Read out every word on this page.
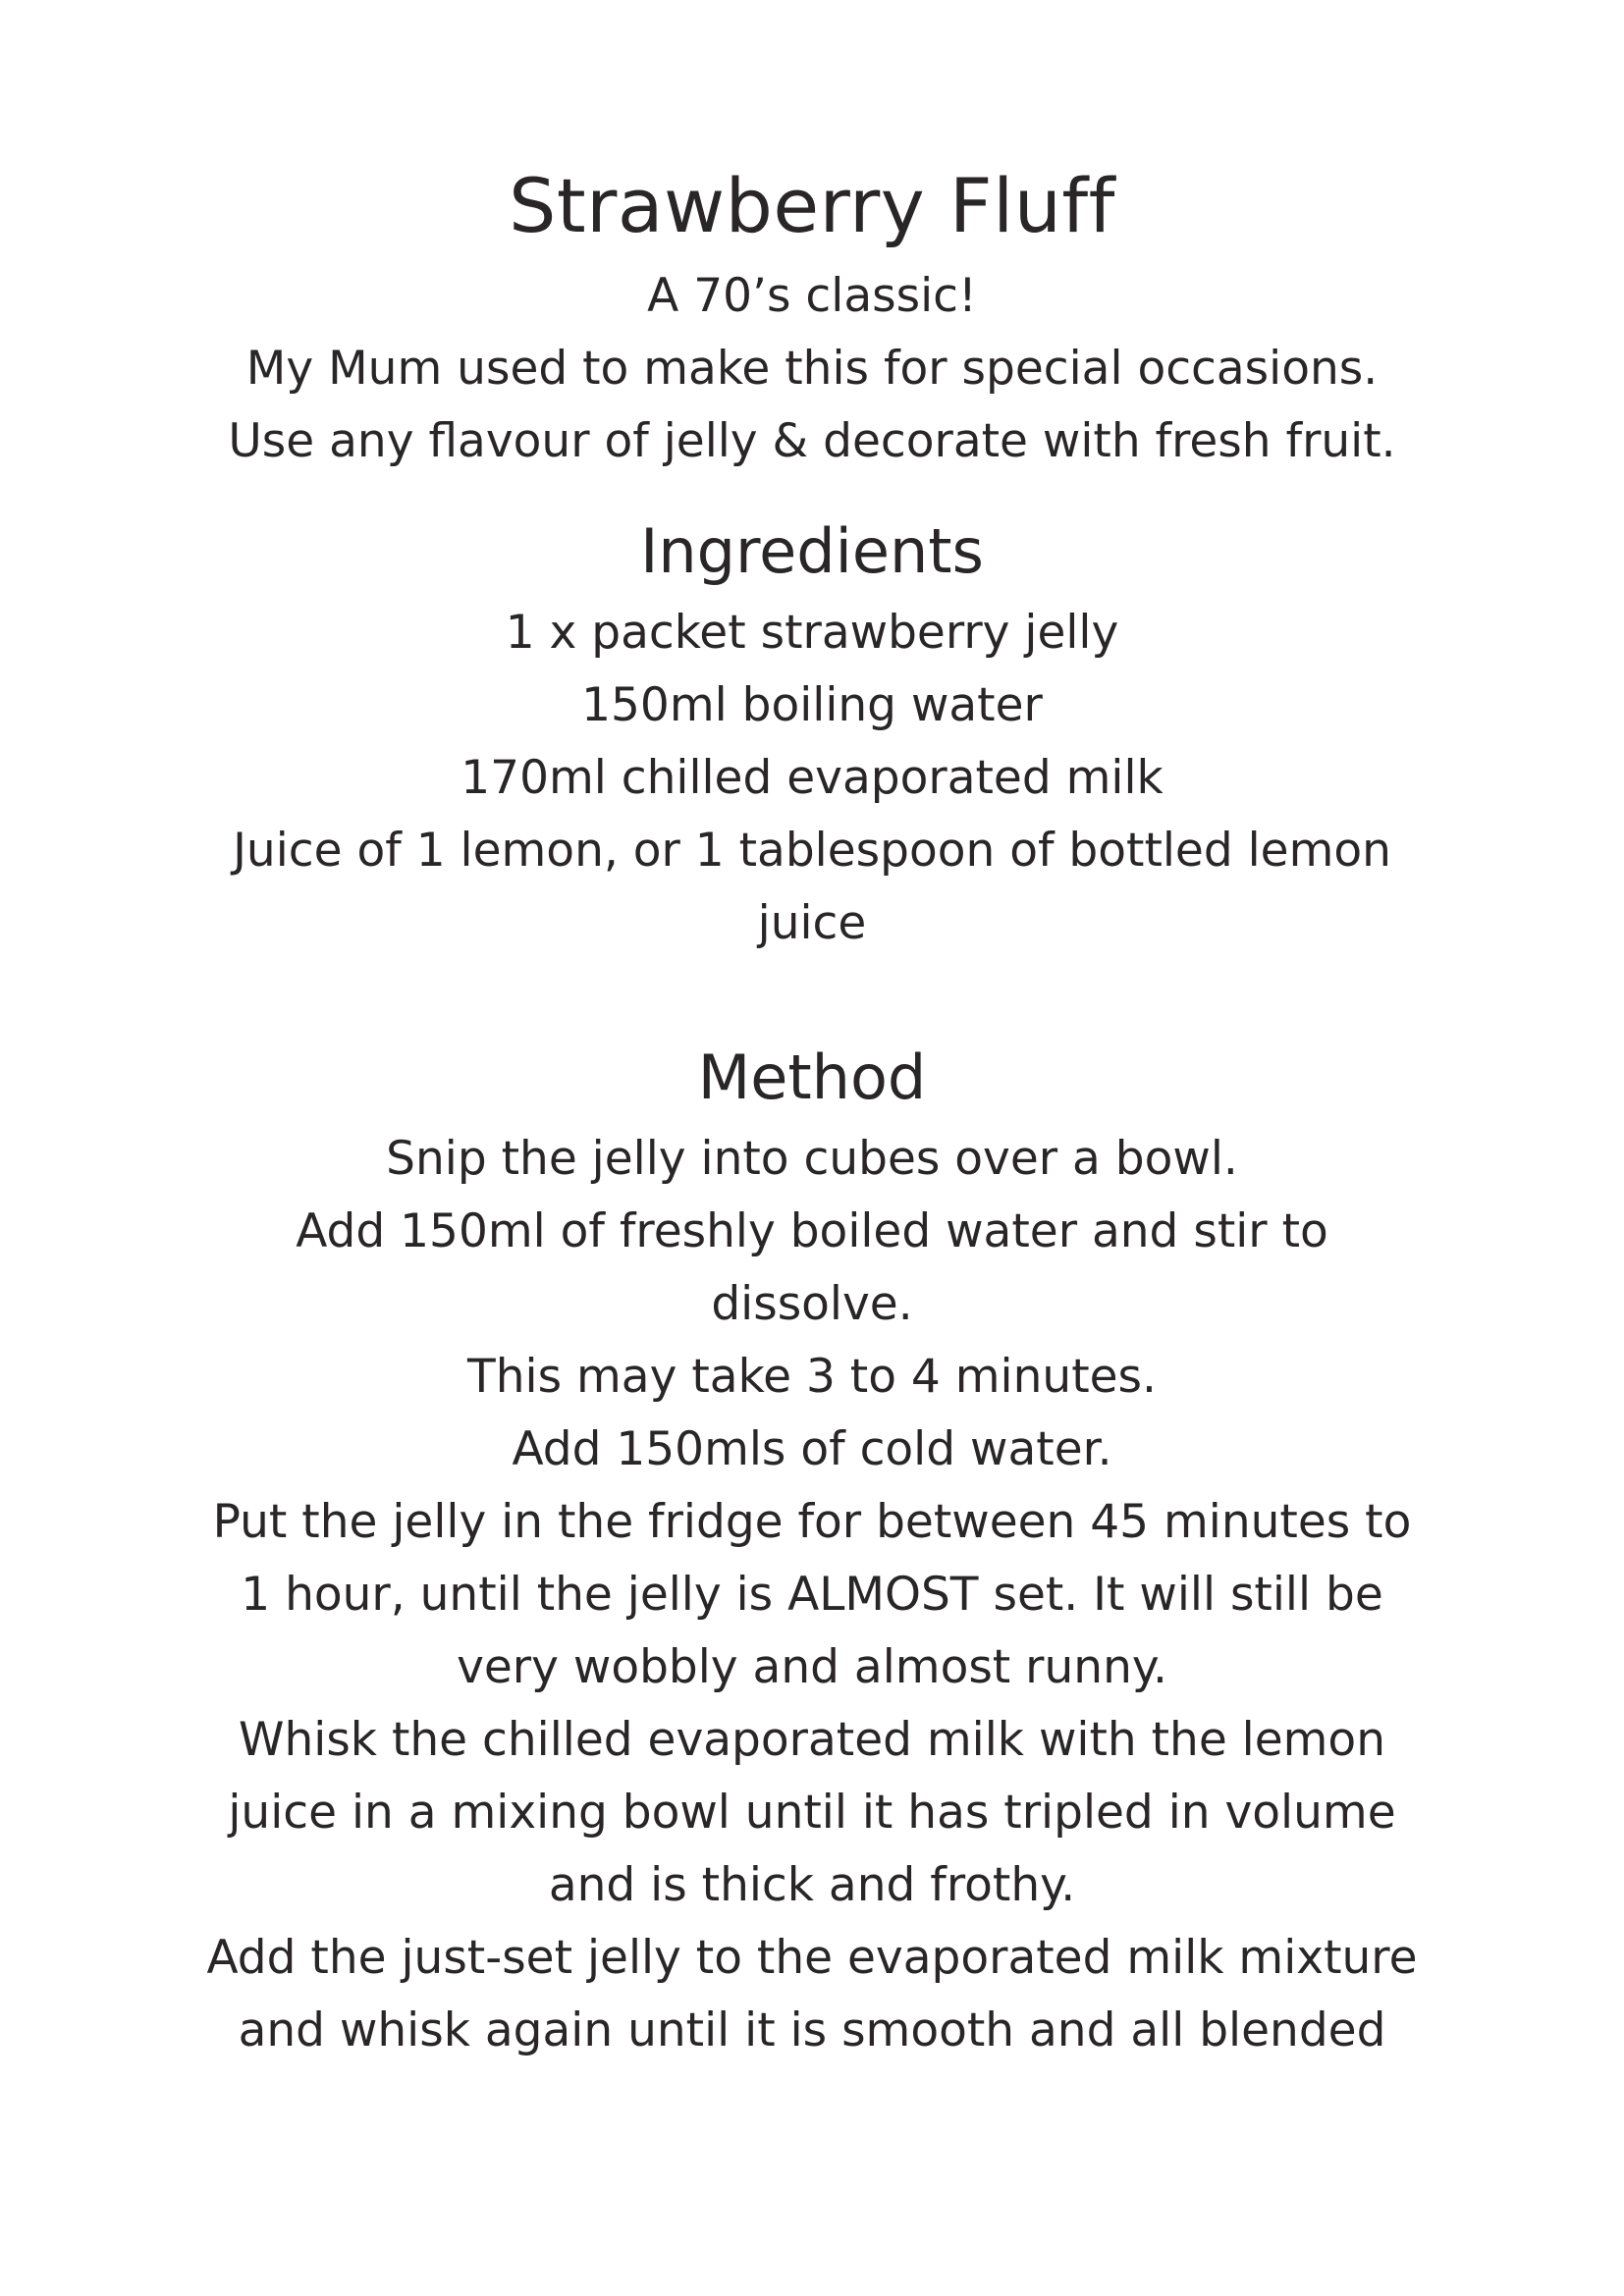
Strawberry Fluff
A 70’s classic!
My Mum used to make this for special occasions.
Use any flavour of jelly & decorate with fresh fruit.
Ingredients
1 x packet strawberry jelly
150ml boiling water
170ml chilled evaporated milk
Juice of 1 lemon, or 1 tablespoon of bottled lemon
juice
Method
Snip the jelly into cubes over a bowl.
Add 150ml of freshly boiled water and stir to
dissolve.
This may take 3 to 4 minutes.
Add 150mls of cold water.
Put the jelly in the fridge for between 45 minutes to
1 hour, until the jelly is ALMOST set. It will still be
very wobbly and almost runny.
Whisk the chilled evaporated milk with the lemon
juice in a mixing bowl until it has tripled in volume
and is thick and frothy.
Add the just-set jelly to the evaporated milk mixture
and whisk again until it is smooth and all blended
